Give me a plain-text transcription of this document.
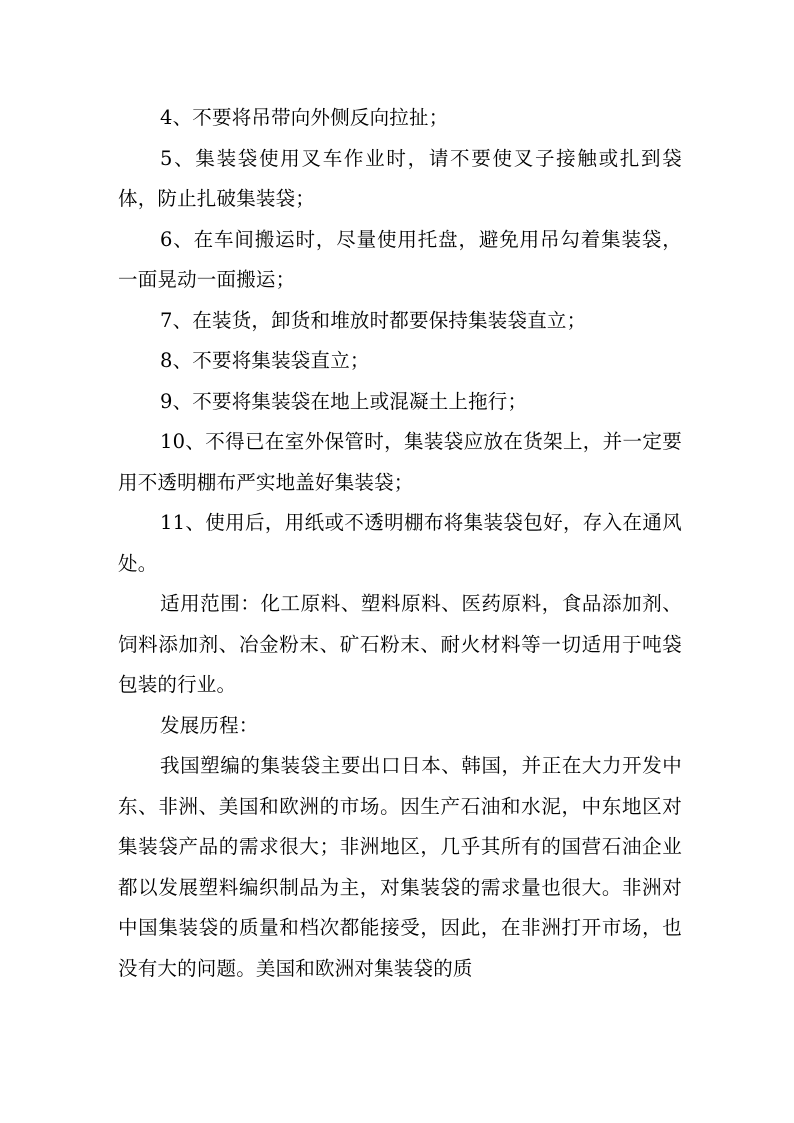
4、不要将吊带向外侧反向拉扯；

5、集装袋使用叉车作业时，请不要使叉子接触或扎到袋体，防止扎破集装袋；

6、在车间搬运时，尽量使用托盘，避免用吊勾着集装袋，一面晃动一面搬运；

7、在装货，卸货和堆放时都要保持集装袋直立；

8、不要将集装袋直立；

9、不要将集装袋在地上或混凝土上拖行；

10、不得已在室外保管时，集装袋应放在货架上，并一定要用不透明棚布严实地盖好集装袋；

11、使用后，用纸或不透明棚布将集装袋包好，存入在通风处。

适用范围：化工原料、塑料原料、医药原料，食品添加剂、饲料添加剂、冶金粉末、矿石粉末、耐火材料等一切适用于吨袋包装的行业。

发展历程：

我国塑编的集装袋主要出口日本、韩国，并正在大力开发中东、非洲、美国和欧洲的市场。因生产石油和水泥，中东地区对集装袋产品的需求很大；非洲地区，几乎其所有的国营石油企业都以发展塑料编织制品为主，对集装袋的需求量也很大。非洲对中国集装袋的质量和档次都能接受，因此，在非洲打开市场，也没有大的问题。美国和欧洲对集装袋的质
